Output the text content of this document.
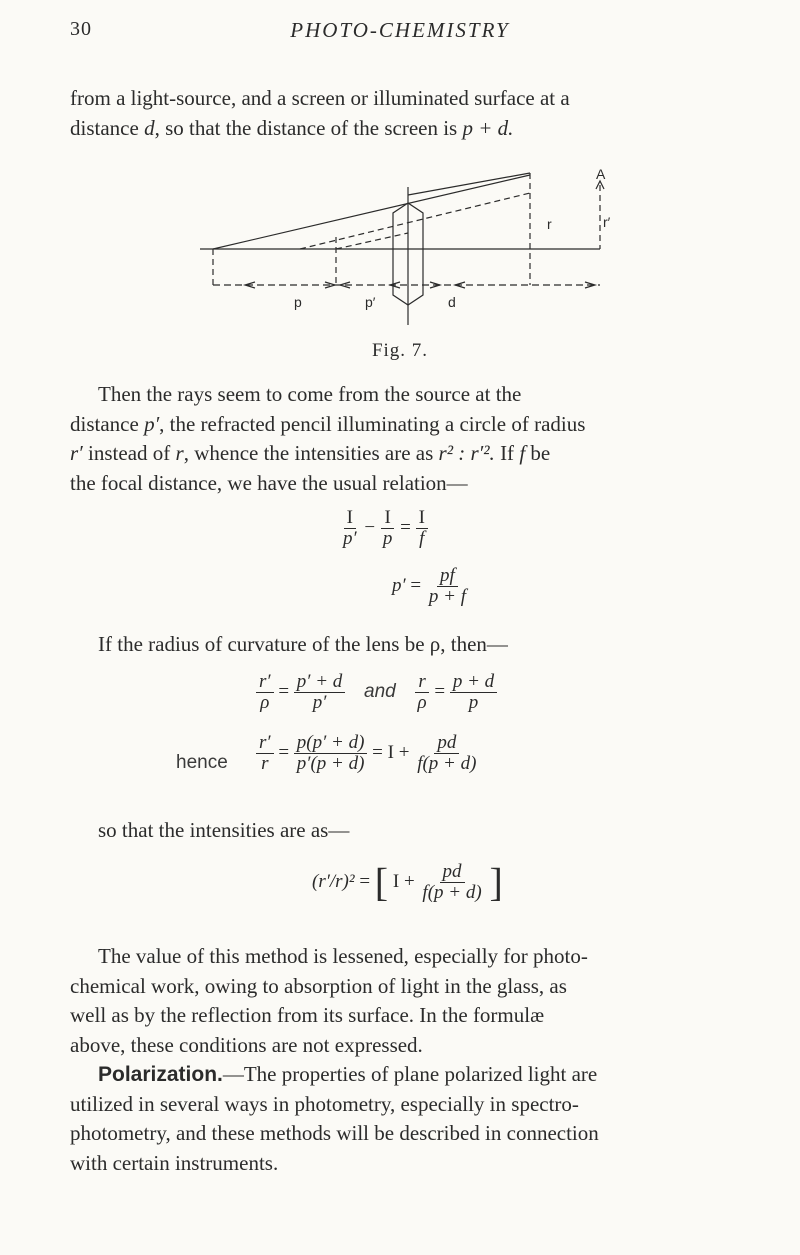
30	PHOTO-CHEMISTRY
from a light-source, and a screen or illuminated surface at a
distance d, so that the distance of the screen is p + d.
A
r	r′
p	p′	d
Fig. 7.
Then the rays seem to come from the source at the
distance p′, the refracted pencil illuminating a circle of radius
r′ instead of r, whence the intensities are as r² : r′². If f be
the focal distance, we have the usual relation—
$\frac{I}{p'} - \frac{I}{p} = \frac{I}{f}$
$p' = \frac{pf}{p + f}$
If the radius of curvature of the lens be ρ, then—
$\frac{r'}{\rho} = \frac{p' + d}{p'}$ and $\frac{r}{\rho} = \frac{p + d}{p}$
hence $\frac{r'}{r} = \frac{p(p' + d)}{p'(p + d)} = I + \frac{pd}{f(p + d)}$
so that the intensities are as—
(r′/r)² = [ $I + \frac{pd}{f(p + d)}$ ]
The value of this method is lessened, especially for photo-
chemical work, owing to absorption of light in the glass, as
well as by the reflection from its surface. In the formulæ
above, these conditions are not expressed.
Polarization.—The properties of plane polarized light are
utilized in several ways in photometry, especially in spectro-
photometry, and these methods will be described in connection
with certain instruments.
